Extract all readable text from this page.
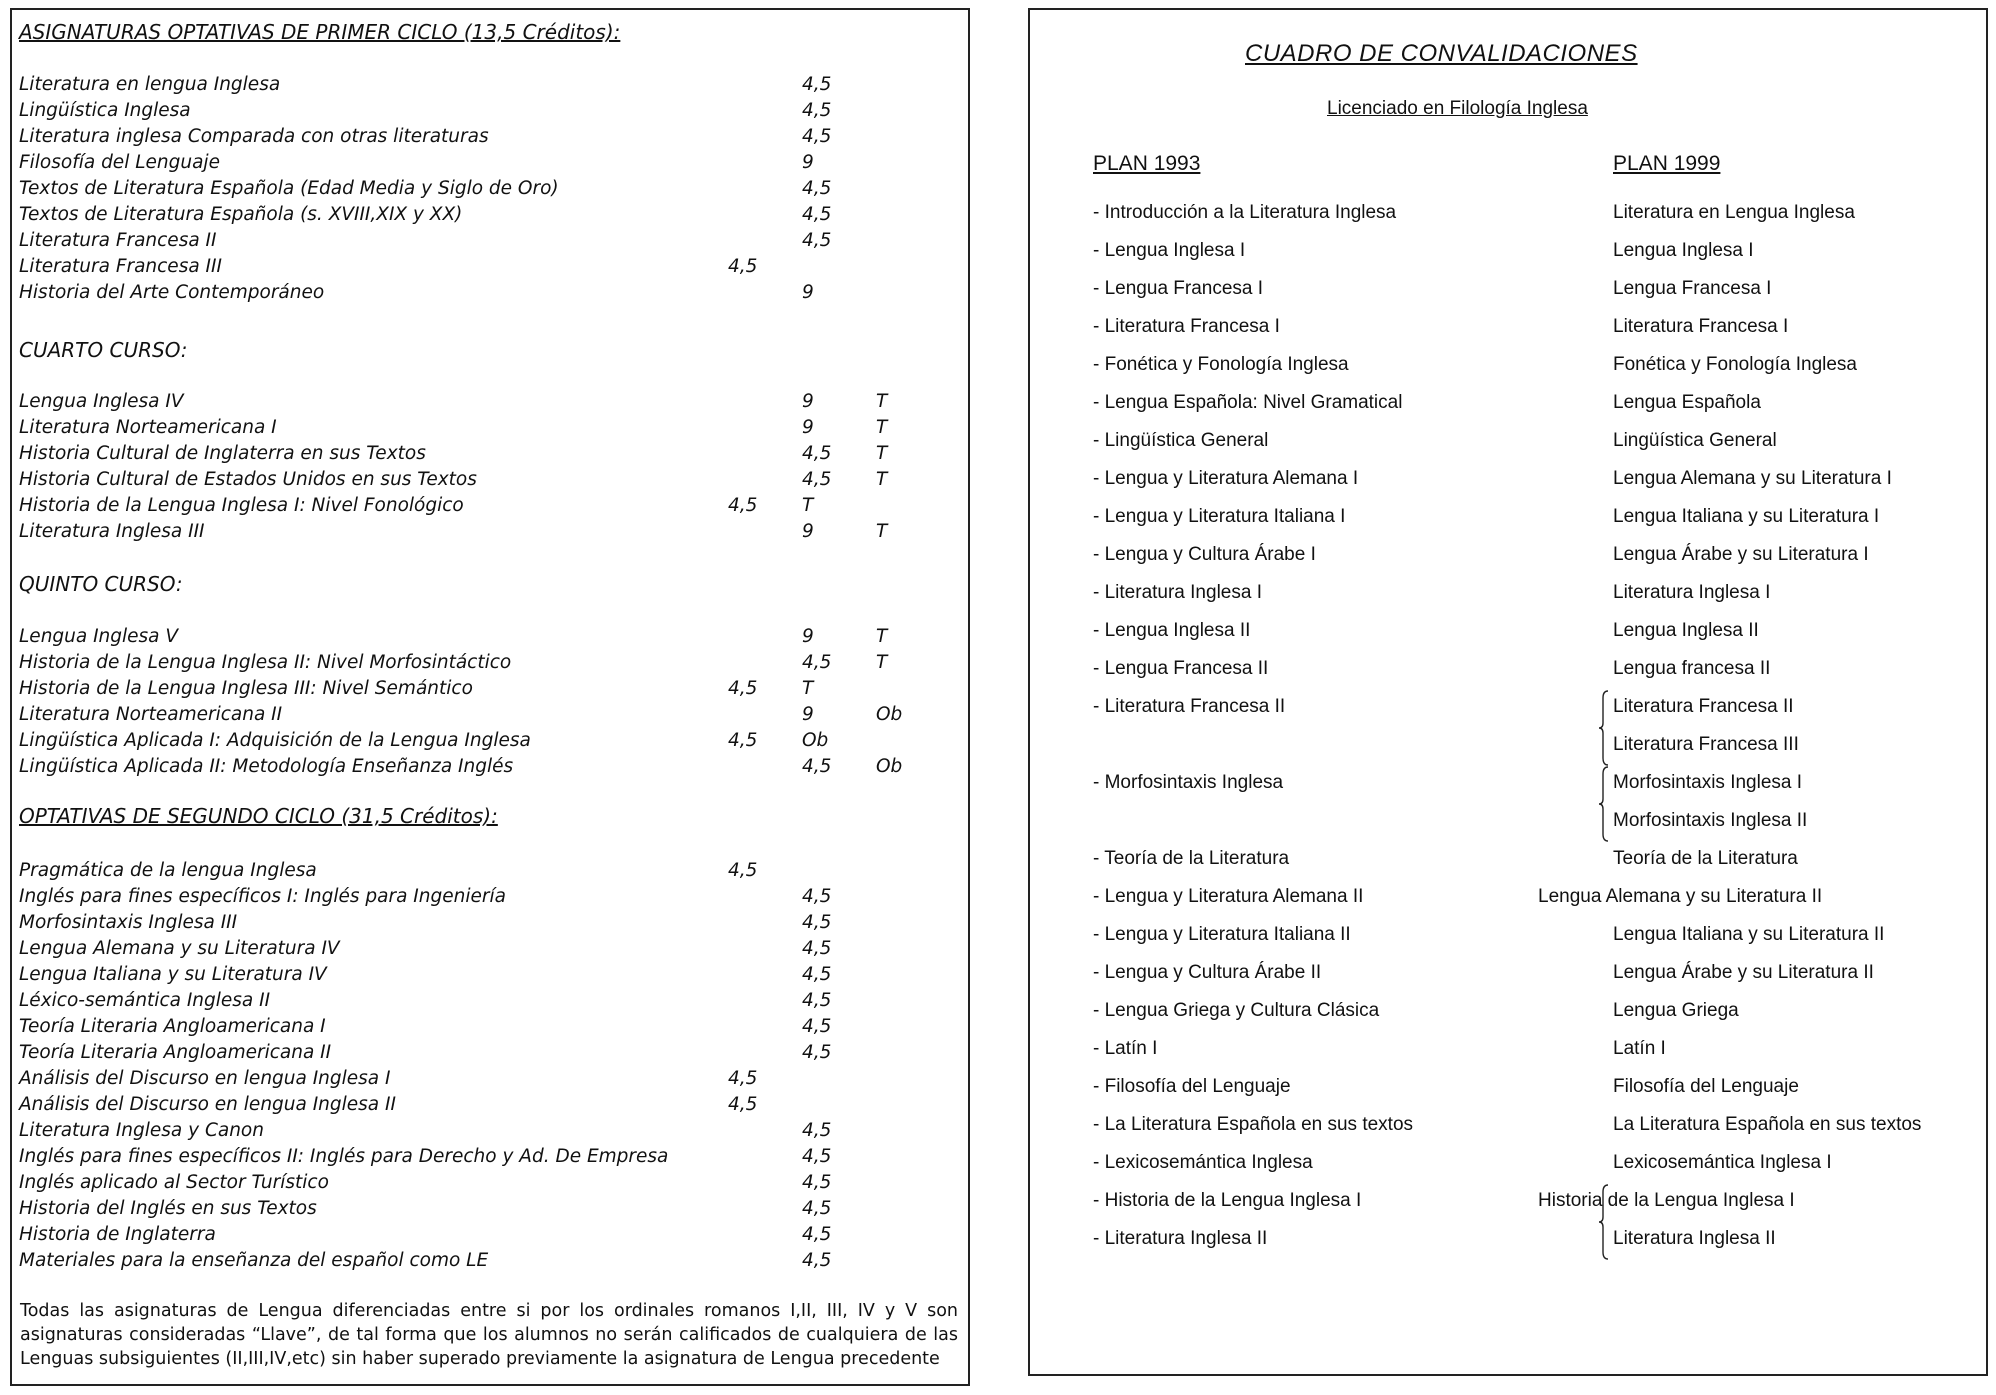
ASIGNATURAS OPTATIVAS DE PRIMER CICLO (13,5 Créditos):
Literatura en lengua Inglesa	4,5
Lingüística Inglesa	4,5
Literatura inglesa Comparada con otras literaturas	4,5
Filosofía del Lenguaje	9
Textos de Literatura Española (Edad Media y Siglo de Oro)	4,5
Textos de Literatura Española (s. XVIII,XIX y XX)	4,5
Literatura Francesa II	4,5
Literatura Francesa III	4,5
Historia del Arte Contemporáneo	9
CUARTO CURSO:
Lengua Inglesa IV	9	T
Literatura Norteamericana I	9	T
Historia Cultural de Inglaterra en sus Textos	4,5 T
Historia Cultural de Estados Unidos en sus Textos	4,5 T
Historia de la Lengua Inglesa I: Nivel Fonológico	4,5 T
Literatura Inglesa III	9	T
QUINTO CURSO:
Lengua Inglesa V	9	T
Historia de la Lengua Inglesa II: Nivel Morfosintáctico	4,5 T
Historia de la Lengua Inglesa III: Nivel Semántico	4,5 T
Literatura Norteamericana II	9	Ob
Lingüística Aplicada I: Adquisición de la Lengua Inglesa	4,5 Ob
Lingüística Aplicada II: Metodología Enseñanza Inglés	4,5 Ob
OPTATIVAS DE SEGUNDO CICLO (31,5 Créditos):
Pragmática de la lengua Inglesa	4,5
Inglés para fines específicos I: Inglés para Ingeniería	4,5
Morfosintaxis Inglesa III	4,5
Lengua Alemana y su Literatura IV	4,5
Lengua Italiana y su Literatura IV	4,5
Léxico-semántica Inglesa II	4,5
Teoría Literaria Angloamericana I	4,5
Teoría Literaria Angloamericana II	4,5
Análisis del Discurso en lengua Inglesa I	4,5
Análisis del Discurso en lengua Inglesa II	4,5
Literatura Inglesa y Canon	4,5
Inglés para fines específicos II: Inglés para Derecho y Ad. De Empresa	4,5
Inglés aplicado al Sector Turístico	4,5
Historia del Inglés en sus Textos	4,5
Historia de Inglaterra	4,5
Materiales para la enseñanza del español como LE	4,5
Todas las asignaturas de Lengua diferenciadas entre si por los ordinales romanos I,II, III, IV y V son asignaturas consideradas “Llave”, de tal forma que los alumnos no serán calificados de cualquiera de las Lenguas subsiguientes (II,III,IV,etc) sin haber superado previamente la asignatura de Lengua precedente
CUADRO DE CONVALIDACIONES
Licenciado en Filología Inglesa
PLAN 1993	PLAN 1999
- Introducción a la Literatura Inglesa	Literatura en Lengua Inglesa
- Lengua Inglesa I	Lengua Inglesa I
- Lengua Francesa I	Lengua Francesa I
- Literatura Francesa I	Literatura Francesa I
- Fonética y Fonología Inglesa	Fonética y Fonología Inglesa
- Lengua Española: Nivel Gramatical	Lengua Española
- Lingüística General	Lingüística General
- Lengua y Literatura Alemana I	Lengua Alemana y su Literatura I
- Lengua y Literatura Italiana I	Lengua Italiana y su Literatura I
- Lengua y Cultura Árabe I	Lengua Árabe y su Literatura I
- Literatura Inglesa I	Literatura Inglesa I
- Lengua Inglesa II	Lengua Inglesa II
- Lengua Francesa II	Lengua francesa II
- Literatura Francesa II	Literatura Francesa II
Literatura Francesa III
- Morfosintaxis Inglesa	Morfosintaxis Inglesa I
Morfosintaxis Inglesa II
- Teoría de la Literatura	Teoría de la Literatura
- Lengua y Literatura Alemana II	Lengua Alemana y su Literatura II
- Lengua y Literatura Italiana II	Lengua Italiana y su Literatura II
- Lengua y Cultura Árabe II	Lengua Árabe y su Literatura II
- Lengua Griega y Cultura Clásica	Lengua Griega
- Latín I	Latín I
- Filosofía del Lenguaje	Filosofía del Lenguaje
- La Literatura Española en sus textos	La Literatura Española en sus textos
- Lexicosemántica Inglesa	Lexicosemántica Inglesa I
- Historia de la Lengua Inglesa I	Historia de la Lengua Inglesa I
- Literatura Inglesa II	Literatura Inglesa II
